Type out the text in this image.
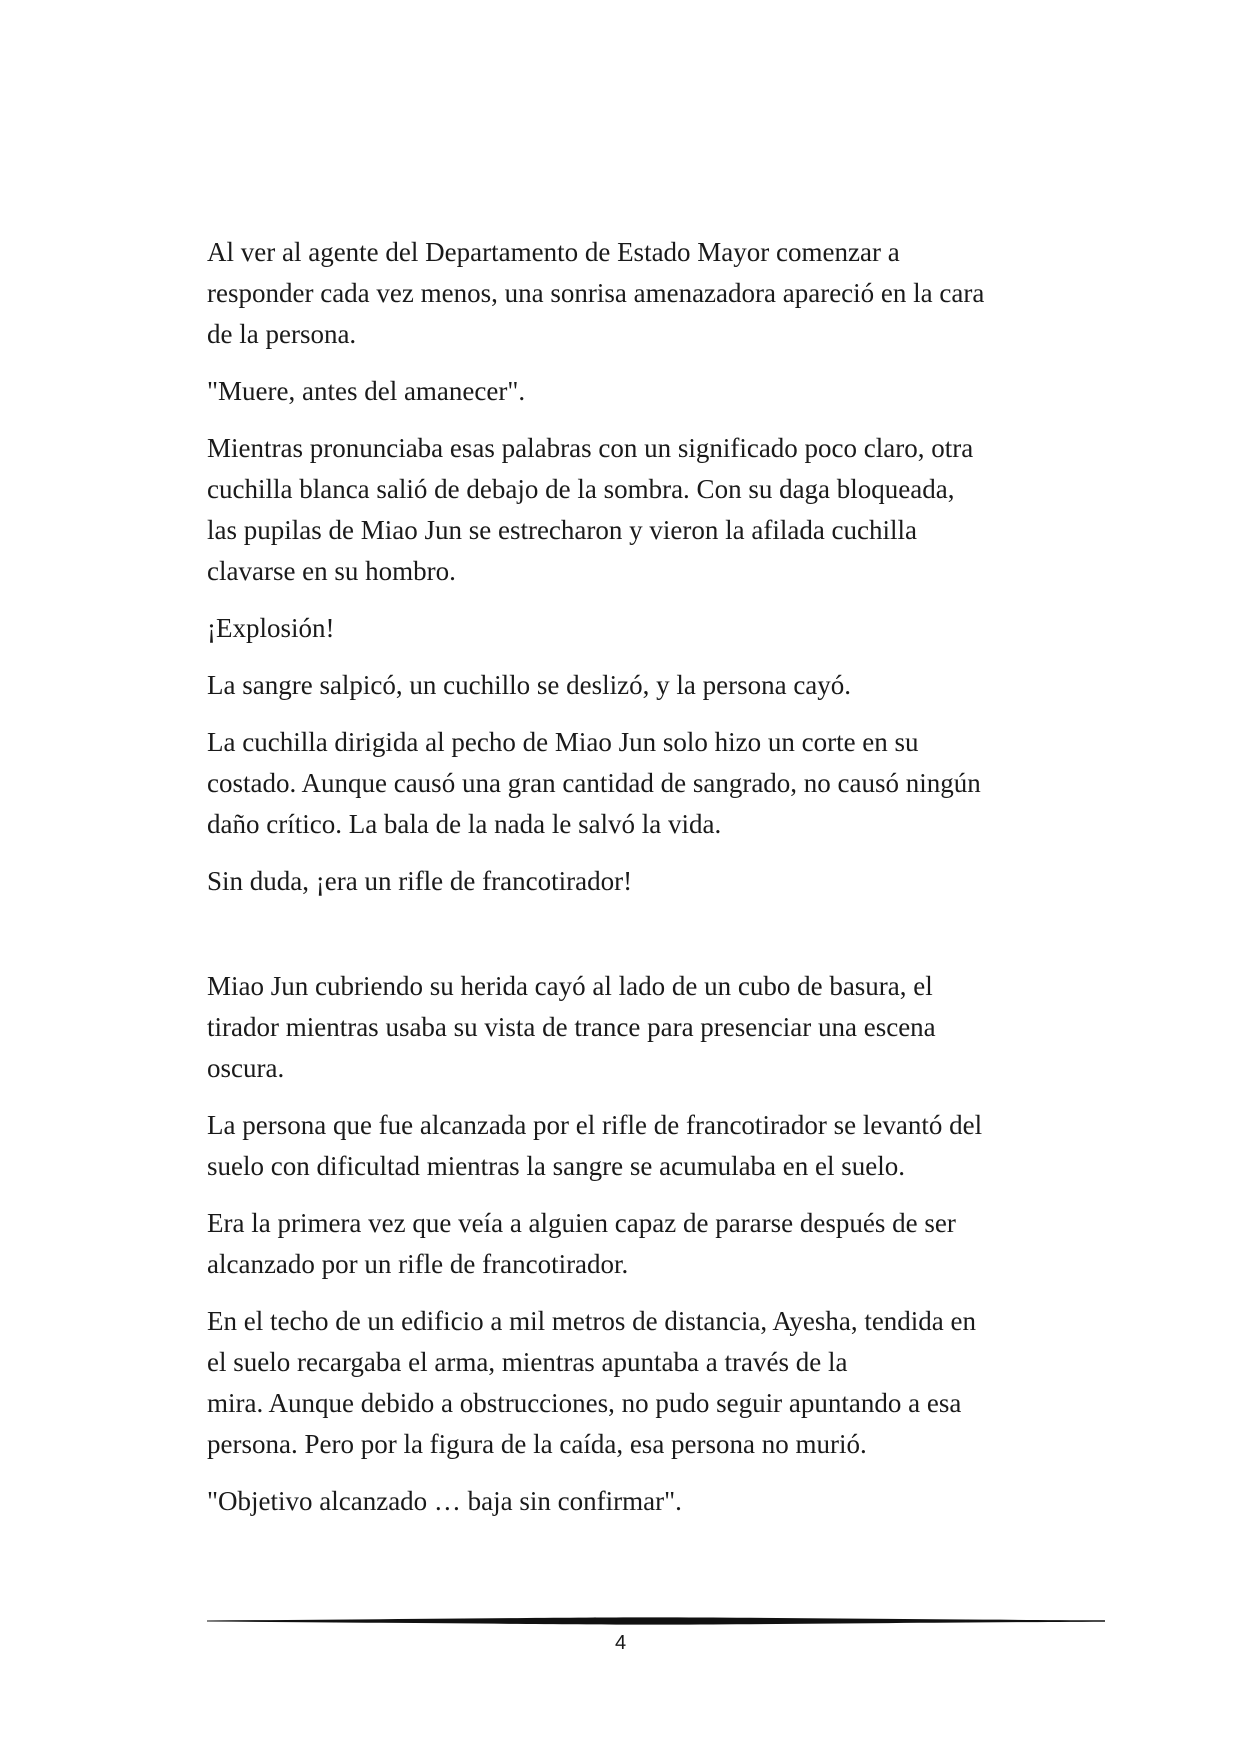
Al ver al agente del Departamento de Estado Mayor comenzar a
responder cada vez menos, una sonrisa amenazadora apareció en la cara
de la persona.

"Muere, antes del amanecer".

Mientras pronunciaba esas palabras con un significado poco claro, otra
cuchilla blanca salió de debajo de la sombra. Con su daga bloqueada,
las pupilas de Miao Jun se estrecharon y vieron la afilada cuchilla
clavarse en su hombro.

¡Explosión!

La sangre salpicó, un cuchillo se deslizó, y la persona cayó.

La cuchilla dirigida al pecho de Miao Jun solo hizo un corte en su
costado. Aunque causó una gran cantidad de sangrado, no causó ningún
daño crítico. La bala de la nada le salvó la vida.

Sin duda, ¡era un rifle de francotirador!

Miao Jun cubriendo su herida cayó al lado de un cubo de basura, el
tirador mientras usaba su vista de trance para presenciar una escena
oscura.

La persona que fue alcanzada por el rifle de francotirador se levantó del
suelo con dificultad mientras la sangre se acumulaba en el suelo.

Era la primera vez que veía a alguien capaz de pararse después de ser
alcanzado por un rifle de francotirador.

En el techo de un edificio a mil metros de distancia, Ayesha, tendida en
el suelo recargaba el arma, mientras apuntaba a través de la
mira. Aunque debido a obstrucciones, no pudo seguir apuntando a esa
persona. Pero por la figura de la caída, esa persona no murió.

"Objetivo alcanzado … baja sin confirmar".

4
